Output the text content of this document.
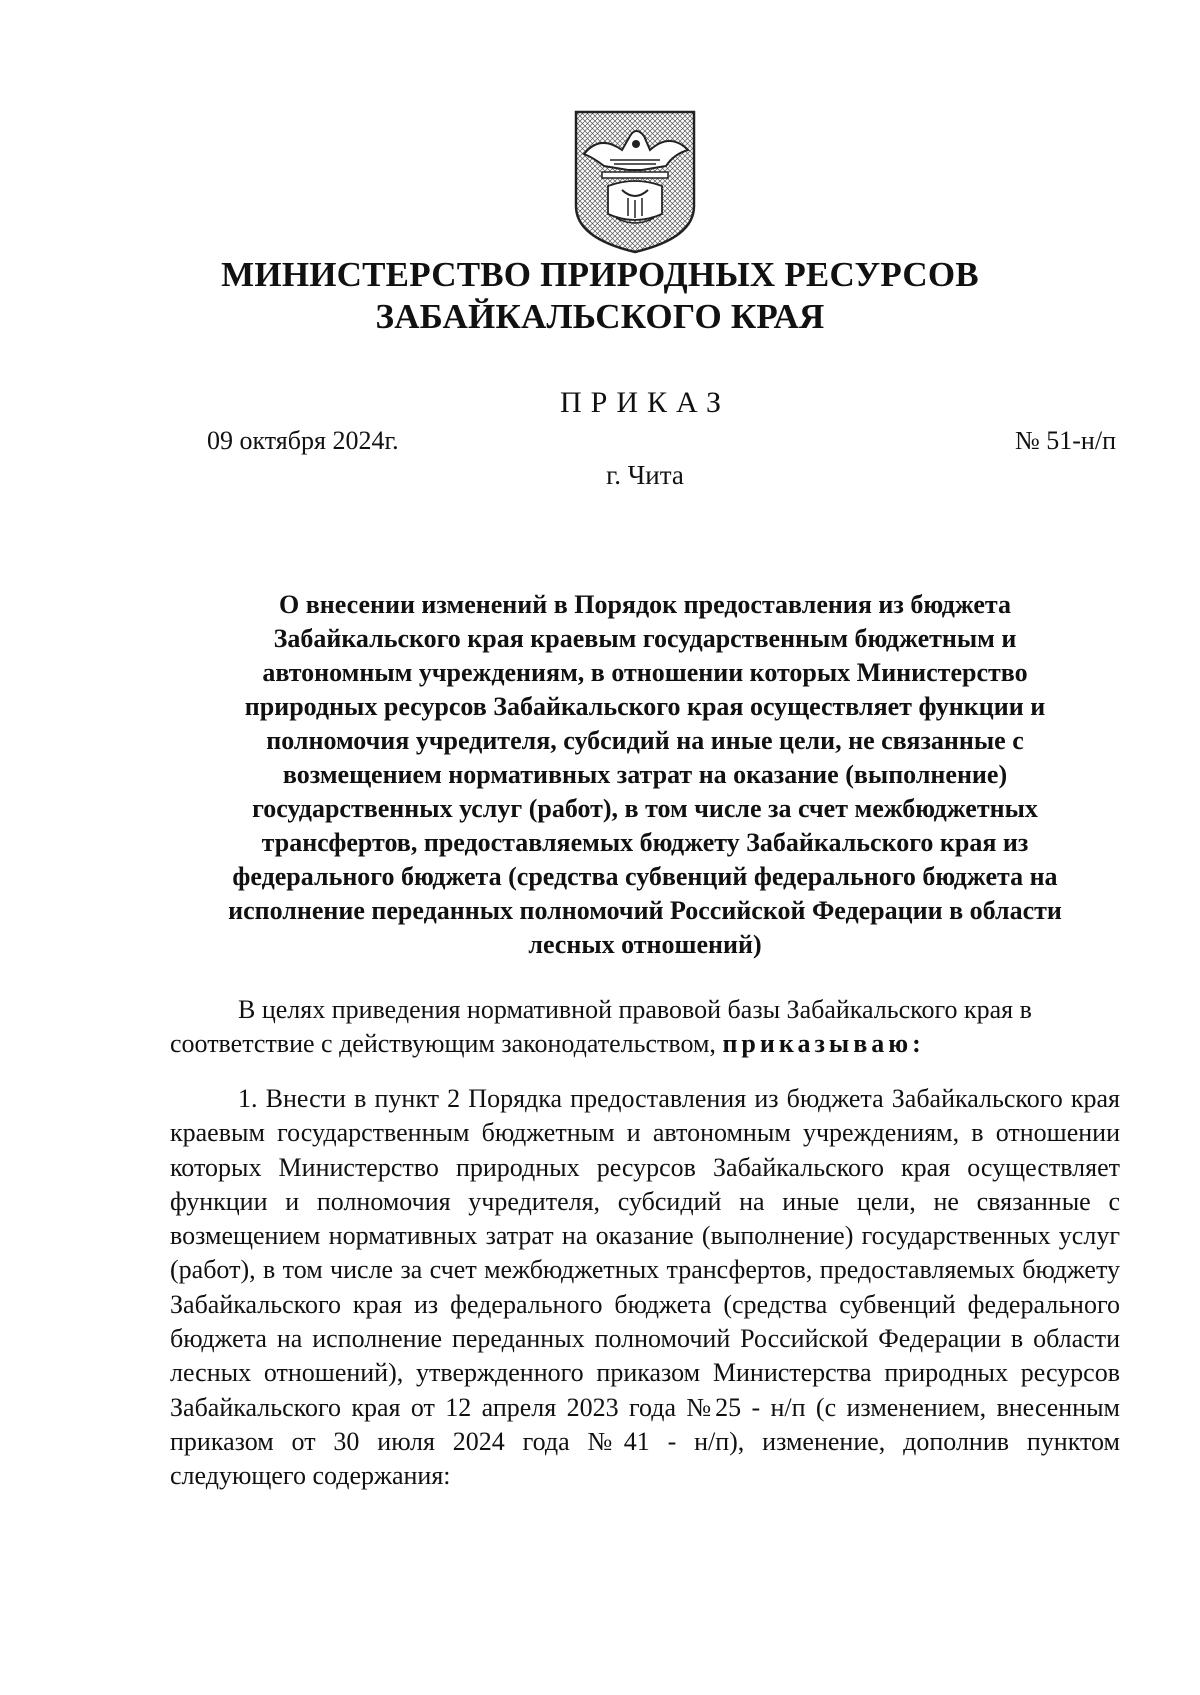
МИНИСТЕРСТВО ПРИРОДНЫХ РЕСУРСОВ
ЗАБАЙКАЛЬСКОГО КРАЯ
ПРИКАЗ
09 октября 2024г.	№ 51-н/п
г. Чита
О внесении изменений в Порядок предоставления из бюджета
Забайкальского края краевым государственным бюджетным и
автономным учреждениям, в отношении которых Министерство
природных ресурсов Забайкальского края осуществляет функции и
полномочия учредителя, субсидий на иные цели, не связанные с
возмещением нормативных затрат на оказание (выполнение)
государственных услуг (работ), в том числе за счет межбюджетных
трансфертов, предоставляемых бюджету Забайкальского края из
федерального бюджета (средства субвенций федерального бюджета на
исполнение переданных полномочий Российской Федерации в области
лесных отношений)
В целях приведения нормативной правовой базы Забайкальского края в
соответствие с действующим законодательством, приказываю:
1. Внести в пункт 2 Порядка предоставления из бюджета Забайкальского края краевым государственным бюджетным и автономным учреждениям, в отношении которых Министерство природных ресурсов Забайкальского края осуществляет функции и полномочия учредителя, субсидий на иные цели, не связанные с возмещением нормативных затрат на оказание (выполнение) государственных услуг (работ), в том числе за счет межбюджетных трансфертов, предоставляемых бюджету Забайкальского края из федерального бюджета (средства субвенций федерального бюджета на исполнение переданных полномочий Российской Федерации в области лесных отношений), утвержденного приказом Министерства природных ресурсов Забайкальского края от 12 апреля 2023 года №25 - н/п (с изменением, внесенным приказом от 30 июля 2024 года №41 - н/п), изменение, дополнив пунктом следующего содержания:
